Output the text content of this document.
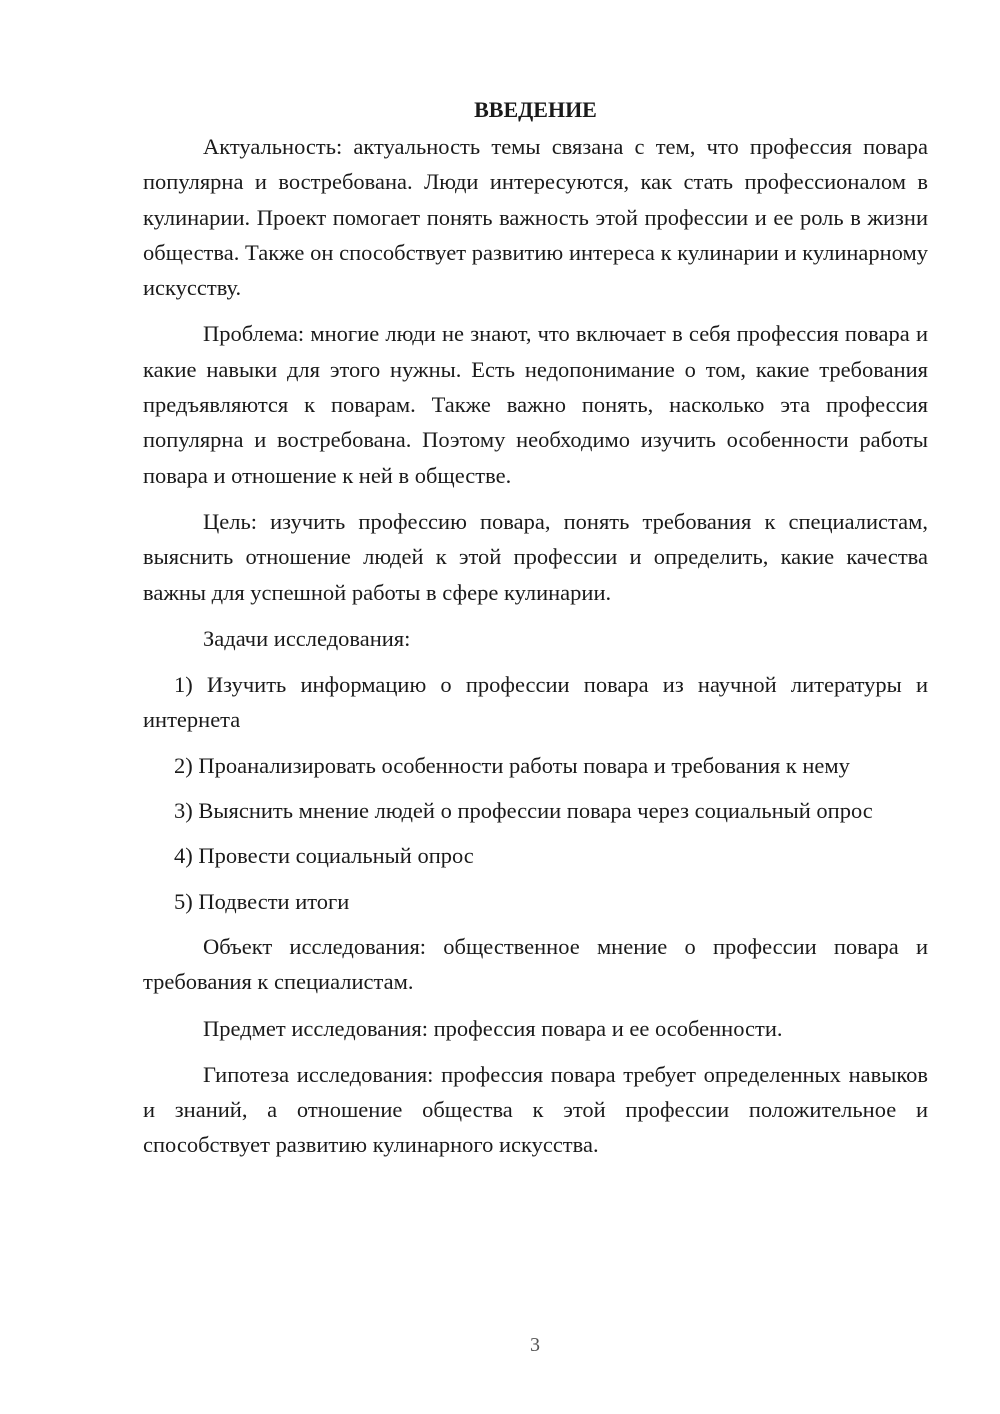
ВВЕДЕНИЕ

Актуальность: актуальность темы связана с тем, что профессия повара популярна и востребована. Люди интересуются, как стать профессионалом в кулинарии. Проект помогает понять важность этой профессии и ее роль в жизни общества. Также он способствует развитию интереса к кулинарии и кулинарному искусству.

Проблема: многие люди не знают, что включает в себя профессия повара и какие навыки для этого нужны. Есть недопонимание о том, какие требования предъявляются к поварам. Также важно понять, насколько эта профессия популярна и востребована. Поэтому необходимо изучить особенности работы повара и отношение к ней в обществе.

Цель: изучить профессию повара, понять требования к специалистам, выяснить отношение людей к этой профессии и определить, какие качества важны для успешной работы в сфере кулинарии.

Задачи исследования:

1) Изучить информацию о профессии повара из научной литературы и интернета

2) Проанализировать особенности работы повара и требования к нему

3) Выяснить мнение людей о профессии повара через социальный опрос

4) Провести социальный опрос

5) Подвести итоги

Объект исследования: общественное мнение о профессии повара и требования к специалистам.

Предмет исследования: профессия повара и ее особенности.

Гипотеза исследования: профессия повара требует определенных навыков и знаний, а отношение общества к этой профессии положительное и способствует развитию кулинарного искусства.

3
